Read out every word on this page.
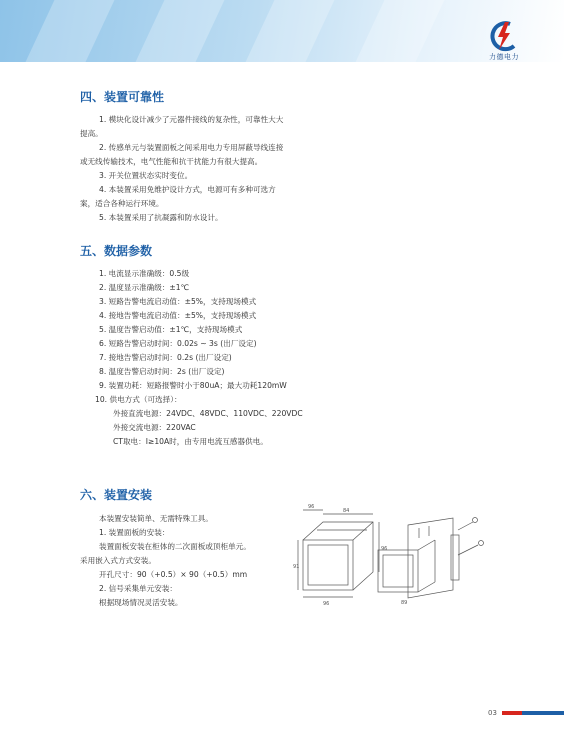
力德电力
四、装置可靠性
1. 模块化设计减少了元器件接线的复杂性，可靠性大大
提高。
2. 传感单元与装置面板之间采用电力专用屏蔽导线连接
或无线传输技术，电气性能和抗干扰能力有很大提高。
3. 开关位置状态实时变位。
4. 本装置采用免维护设计方式，电源可有多种可选方
案，适合各种运行环境。
5. 本装置采用了抗凝露和防水设计。
五、数据参数
1. 电流显示准确级：0.5级
2. 温度显示准确级：±1℃
3. 短路告警电流启动值：±5%，支持现场模式
4. 接地告警电流启动值：±5%，支持现场模式
5. 温度告警启动值：±1℃，支持现场模式
6. 短路告警启动时间：0.02s ~ 3s (出厂设定)
7. 接地告警启动时间：0.2s (出厂设定)
8. 温度告警启动时间：2s (出厂设定)
9. 装置功耗：短路报警时小于80uA；最大功耗120mW
10. 供电方式（可选择）：
外接直流电源：24VDC、48VDC、110VDC、220VDC
外接交流电源：220VAC
CT取电：I≥10A时，由专用电流互感器供电。
六、装置安装
本装置安装简单、无需特殊工具。
1. 装置面板的安装：
装置面板安装在柜体的二次面板或顶柜单元。
采用嵌入式方式安装。
开孔尺寸：90（+0.5）× 90（+0.5）mm
2. 信号采集单元安装：
根据现场情况灵活安装。
96
84
91
96
96	89
03
